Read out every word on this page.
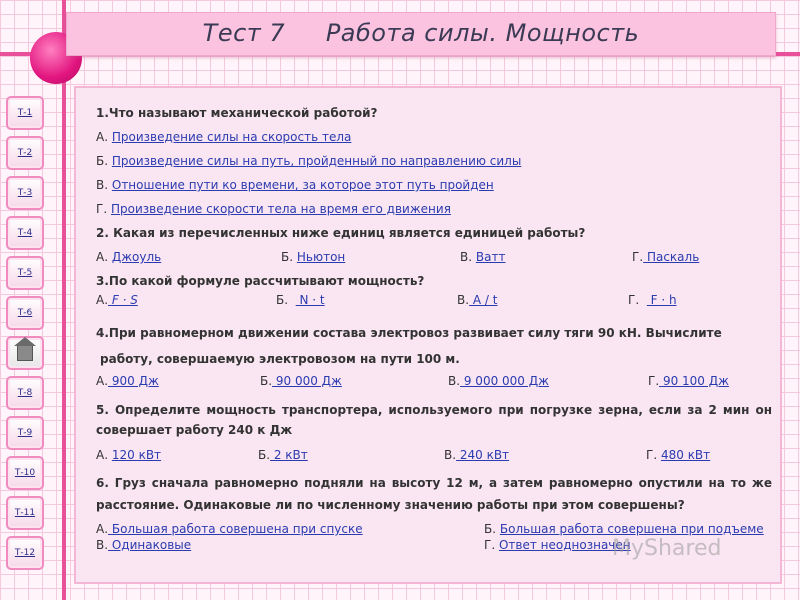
Тест 7     Работа силы. Мощность
Т-1
Т-2
Т-3
Т-4
Т-5
Т-6
Т-8
Т-9
Т-10
Т-11
Т-12
1.Что называют механической работой?
А. Произведение силы на скорость тела
Б. Произведение силы на путь, пройденный по направлению силы
В. Отношение пути ко времени, за которое этот путь пройден
Г. Произведение скорости тела на время его движения
2. Какая из перечисленных ниже единиц является единицей работы?
А. Джоуль	Б. Ньютон	В. Ватт	Г. Паскаль
3.По какой формуле рассчитывают мощность?
А. F · S	Б.   N · t	В. A / t	Г.   F · h
4.При равномерном движении состава электровоз развивает силу тяги 90 кН. Вычислите
работу, совершаемую электровозом на пути 100 м.
А. 900 Дж	Б. 90 000 Дж	В. 9 000 000 Дж	Г. 90 100 Дж
5. Определите мощность транспортера, используемого при погрузке зерна, если за 2 мин он совершает работу 240 к Дж
А. 120 кВт	Б. 2 кВт	В. 240 кВт	Г. 480 кВт
6. Груз сначала равномерно подняли на высоту 12 м, а затем равномерно опустили на то же расстояние. Одинаковые ли по численному значению работы при этом совершены?
А. Большая работа совершена при спуске	Б. Большая работа совершена при подъеме
В. Одинаковые	Г. Ответ неоднозначен
MyShared
